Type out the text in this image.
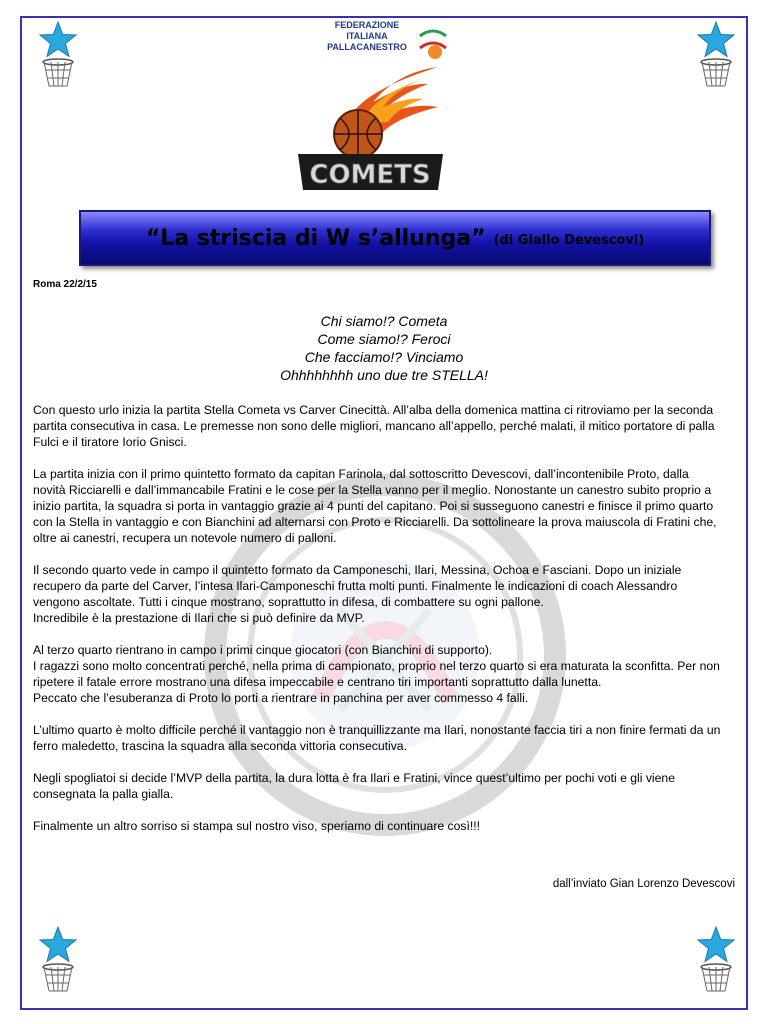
FEDERAZIONE
ITALIANA
PALLACANESTRO
COMETS
“La striscia di W s’allunga” (di Giallo Devescovi)
Roma 22/2/15
Chi siamo!? Cometa
Come siamo!? Feroci
Che facciamo!? Vinciamo
Ohhhhhhhh uno due tre STELLA!

Con questo urlo inizia la partita Stella Cometa vs Carver Cinecittà. All’alba della domenica mattina ci ritroviamo per la seconda partita consecutiva in casa. Le premesse non sono delle migliori, mancano all’appello, perché malati, il mitico portatore di palla Fulci e il tiratore Iorio Gnisci.

La partita inizia con il primo quintetto formato da capitan Farinola, dal sottoscritto Devescovi, dall’incontenibile Proto, dalla novità Ricciarelli e dall’immancabile Fratini e le cose per la Stella vanno per il meglio. Nonostante un canestro subito proprio a inizio partita, la squadra si porta in vantaggio grazie ai 4 punti del capitano. Poi si susseguono canestri e finisce il primo quarto con la Stella in vantaggio e con Bianchini ad alternarsi con Proto e Ricciarelli. Da sottolineare la prova maiuscola di Fratini che, oltre ai canestri, recupera un notevole numero di palloni.

Il secondo quarto vede in campo il quintetto formato da Camponeschi, Ilari, Messina, Ochoa e Fasciani. Dopo un iniziale recupero da parte del Carver, l’intesa Ilari-Camponeschi frutta molti punti. Finalmente le indicazioni di coach Alessandro vengono ascoltate. Tutti i cinque mostrano, soprattutto in difesa, di combattere su ogni pallone.
Incredibile è la prestazione di Ilari che si può definire da MVP.

Al terzo quarto rientrano in campo i primi cinque giocatori (con Bianchini di supporto).
I ragazzi sono molto concentrati perché, nella prima di campionato, proprio nel terzo quarto si era maturata la sconfitta. Per non ripetere il fatale errore mostrano una difesa impeccabile e centrano tiri importanti soprattutto dalla lunetta.
Peccato che l’esuberanza di Proto lo porti a rientrare in panchina per aver commesso 4 falli.

L’ultimo quarto è molto difficile perché il vantaggio non è tranquillizzante ma Ilari, nonostante faccia tiri a non finire fermati da un ferro maledetto, trascina la squadra alla seconda vittoria consecutiva.

Negli spogliatoi si decide l’MVP della partita, la dura lotta è fra Ilari e Fratini, vince quest’ultimo per pochi voti e gli viene consegnata la palla gialla.

Finalmente un altro sorriso si stampa sul nostro viso, speriamo di continuare così!!!

dall’inviato Gian Lorenzo Devescovi
